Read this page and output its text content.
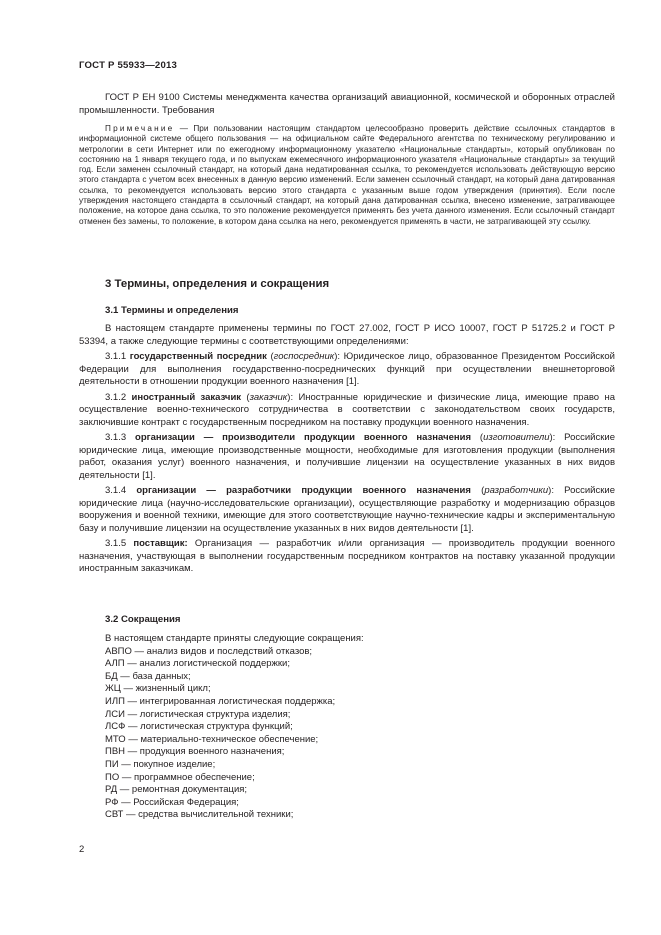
ГОСТ Р 55933—2013

ГОСТ Р ЕН 9100 Системы менеджмента качества организаций авиационной, космической и оборонных отраслей промышленности. Требования

Примечание — При пользовании настоящим стандартом целесообразно проверить действие ссылочных стандартов в информационной системе общего пользования — на официальном сайте Федерального агентства по техническому регулированию и метрологии в сети Интернет или по ежегодному информационному указателю «Национальные стандарты», который опубликован по состоянию на 1 января текущего года, и по выпускам ежемесячного информационного указателя «Национальные стандарты» за текущий год. Если заменен ссылочный стандарт, на который дана недатированная ссылка, то рекомендуется использовать действующую версию этого стандарта с учетом всех внесенных в данную версию изменений. Если заменен ссылочный стандарт, на который дана датированная ссылка, то рекомендуется использовать версию этого стандарта с указанным выше годом утверждения (принятия). Если после утверждения настоящего стандарта в ссылочный стандарт, на который дана датированная ссылка, внесено изменение, затрагивающее положение, на которое дана ссылка, то это положение рекомендуется применять без учета данного изменения. Если ссылочный стандарт отменен без замены, то положение, в котором дана ссылка на него, рекомендуется применять в части, не затрагивающей эту ссылку.

3 Термины, определения и сокращения
3.1 Термины и определения

В настоящем стандарте применены термины по ГОСТ 27.002, ГОСТ Р ИСО 10007, ГОСТ Р 51725.2 и ГОСТ Р 53394, а также следующие термины с соответствующими определениями:

3.1.1 государственный посредник (госпосредник): Юридическое лицо, образованное Президентом Российской Федерации для выполнения государственно-посреднических функций при осуществлении внешнеторговой деятельности в отношении продукции военного назначения [1].

3.1.2 иностранный заказчик (заказчик): Иностранные юридические и физические лица, имеющие право на осуществление военно-технического сотрудничества в соответствии с законодательством своих государств, заключившие контракт с государственным посредником на поставку продукции военного назначения.

3.1.3 организации — производители продукции военного назначения (изготовители): Российские юридические лица, имеющие производственные мощности, необходимые для изготовления продукции (выполнения работ, оказания услуг) военного назначения, и получившие лицензии на осуществление указанных в них видов деятельности [1].

3.1.4 организации — разработчики продукции военного назначения (разработчики): Российские юридические лица (научно-исследовательские организации), осуществляющие разработку и модернизацию образцов вооружения и военной техники, имеющие для этого соответствующие научно-технические кадры и экспериментальную базу и получившие лицензии на осуществление указанных в них видов деятельности [1].

3.1.5 поставщик: Организация — разработчик и/или организация — производитель продукции военного назначения, участвующая в выполнении государственным посредником контрактов на поставку указанной продукции иностранным заказчикам.

3.2 Сокращения

В настоящем стандарте приняты следующие сокращения:

АВПО — анализ видов и последствий отказов;

АЛП — анализ логистической поддержки;

БД — база данных;

ЖЦ — жизненный цикл;

ИЛП — интегрированная логистическая поддержка;

ЛСИ — логистическая структура изделия;

ЛСФ — логистическая структура функций;

МТО — материально-техническое обеспечение;

ПВН — продукция военного назначения;

ПИ — покупное изделие;

ПО — программное обеспечение;

РД — ремонтная документация;

РФ — Российская Федерация;

СВТ — средства вычислительной техники;

2
